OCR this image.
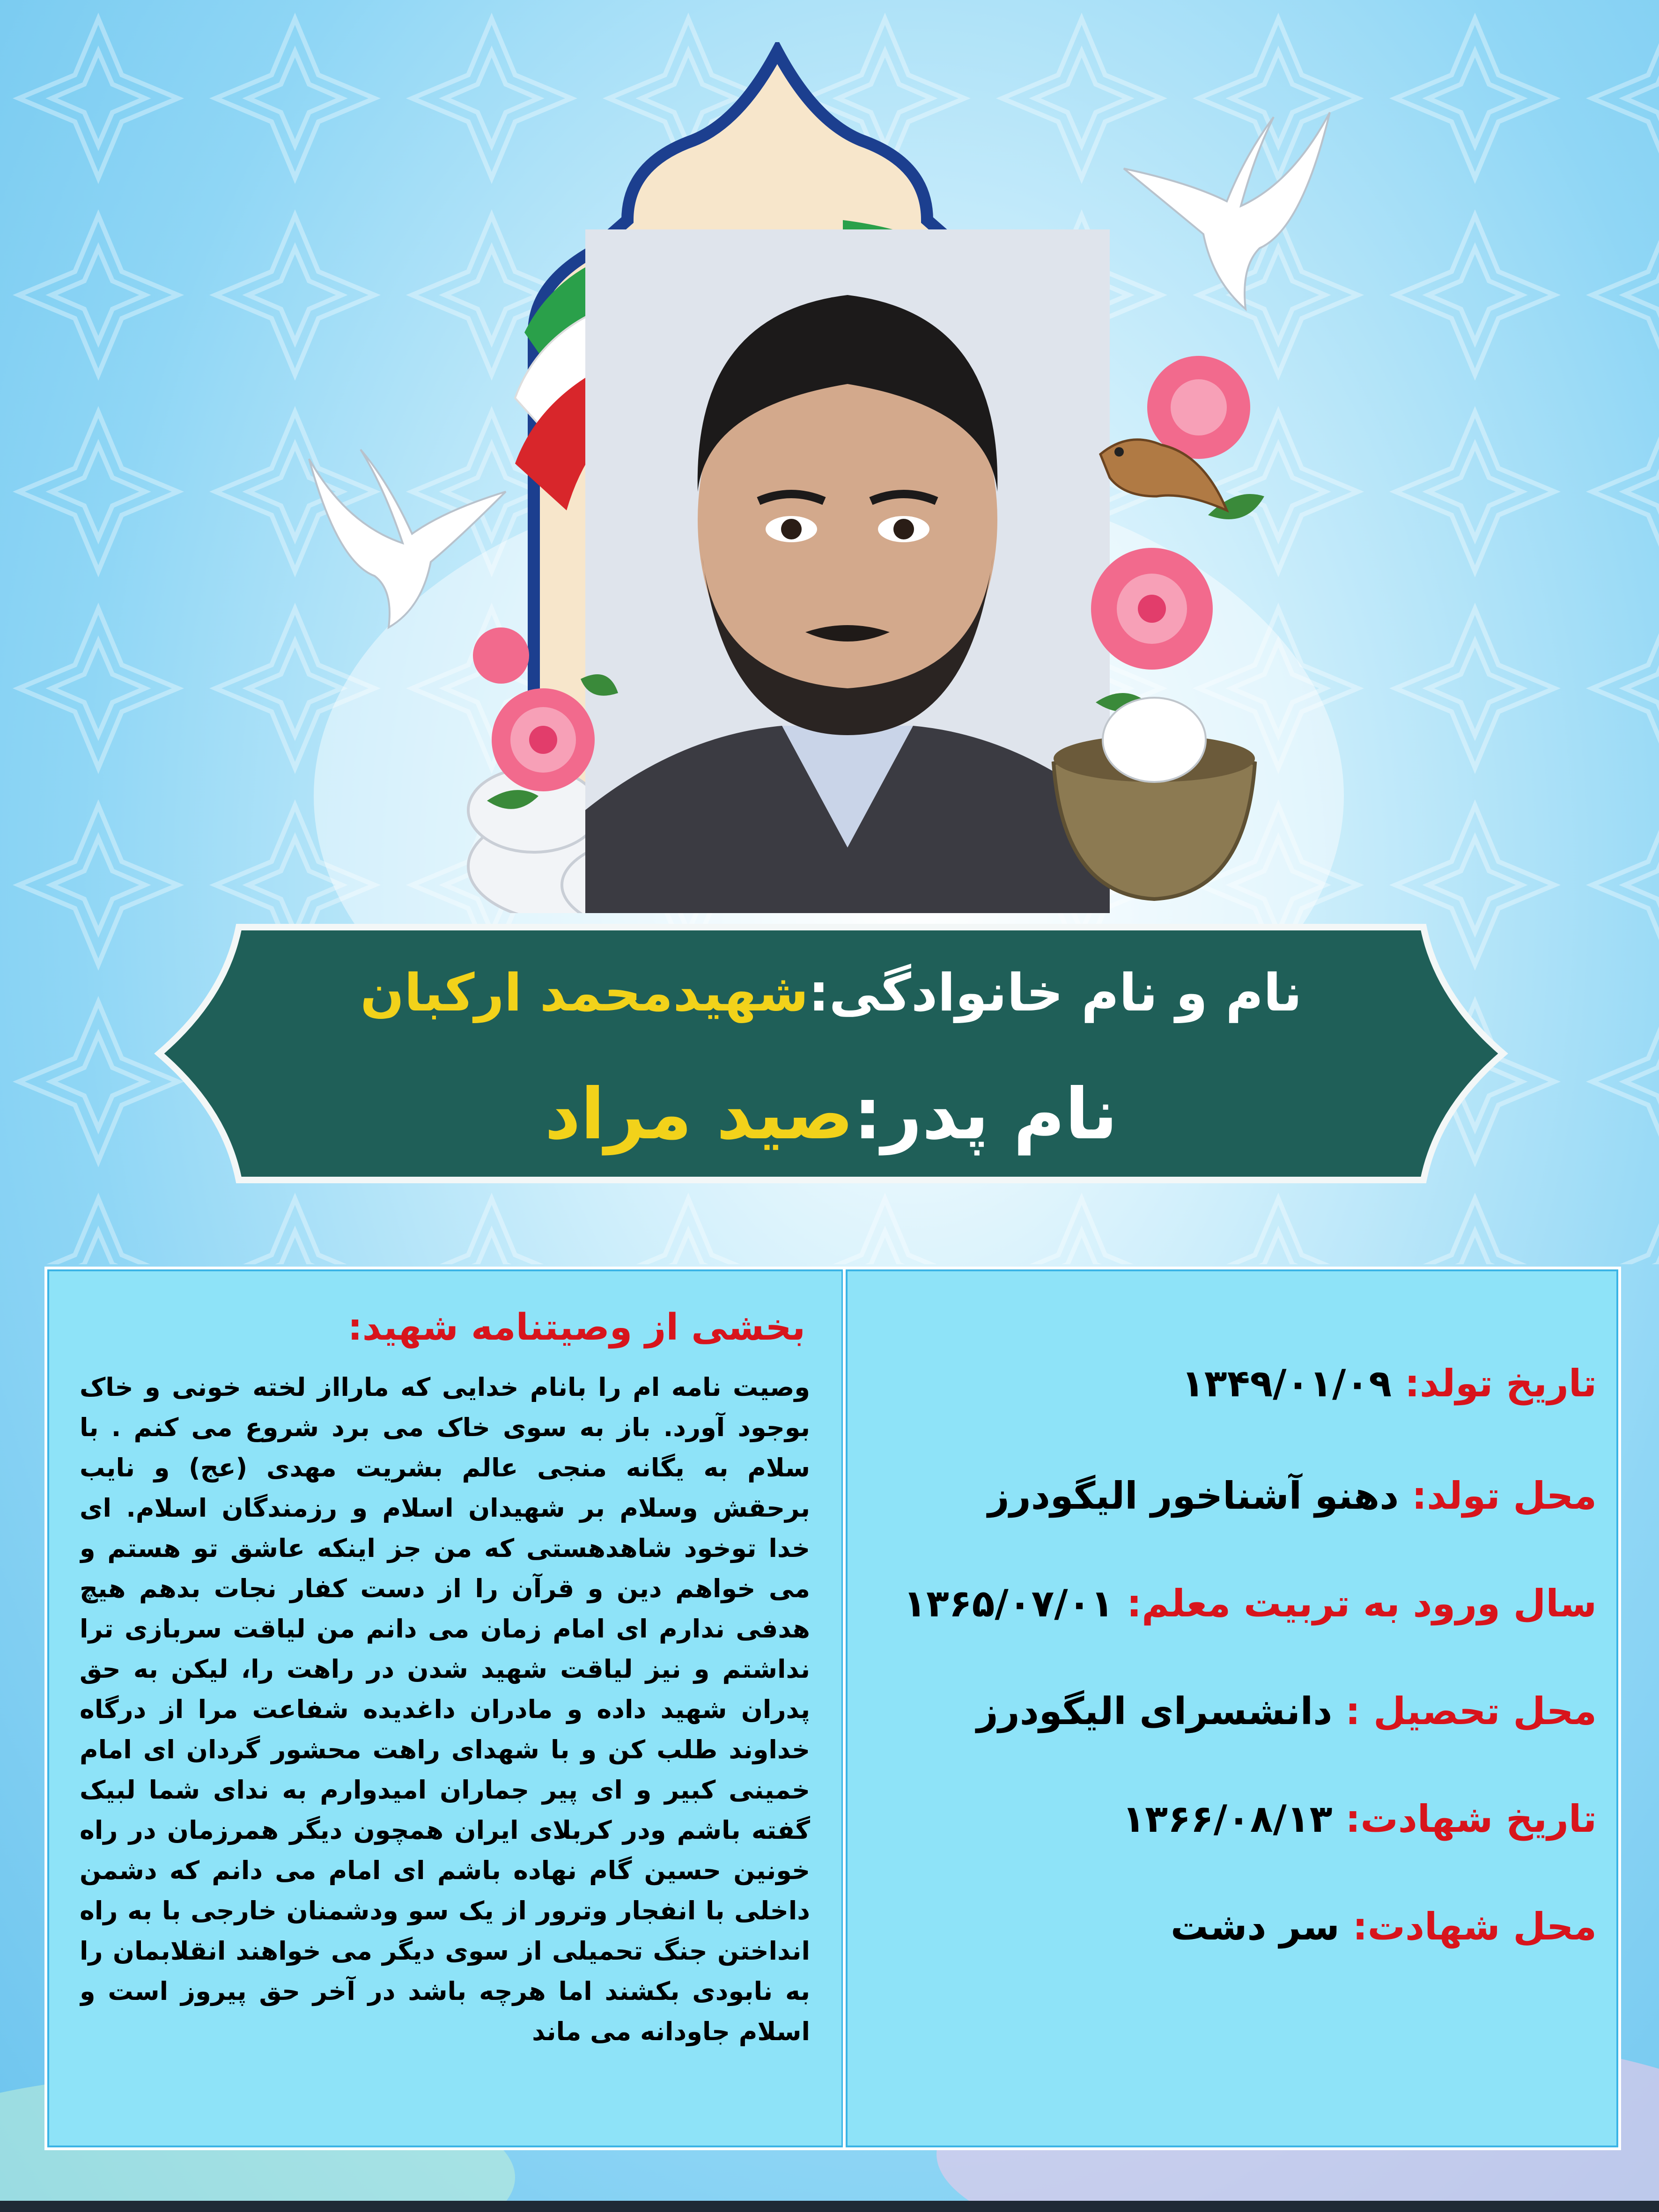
نام و نام خانوادگی:شهیدمحمد ارکبان
نام پدر:صید مراد
بخشی از وصیتنامه شهید:
وصیت نامه ام را بانام خدایی که مارااز لخته خونی و خاک بوجود آورد. باز به سوی خاک می برد شروع می کنم . با سلام به یگانه منجی عالم بشریت مهدی (عج) و نایب برحقش وسلام بر شهیدان اسلام و رزمندگان اسلام. ای خدا توخود شاهدهستی که من جز اینکه عاشق تو هستم و می خواهم دین و قرآن را از دست کفار نجات بدهم هیچ هدفی ندارم ای امام زمان می دانم من لیاقت سربازی ترا نداشتم و نیز لیاقت شهید شدن در راهت را، لیکن به حق پدران شهید داده و مادران داغدیده شفاعت مرا از درگاه خداوند طلب کن و با شهدای راهت محشور گردان ای امام خمینی کبیر و ای پیر جماران امیدوارم به ندای شما لبیک گفته باشم ودر کربلای ایران همچون دیگر همرزمان در راه خونین حسین گام نهاده باشم ای امام می دانم که دشمن داخلی با انفجار وترور از یک سو ودشمنان خارجی با به راه انداختن جنگ تحمیلی از سوی دیگر می خواهند انقلابمان را به نابودی بکشند اما هرچه باشد در آخر حق پیروز است و اسلام جاودانه می ماند
تاریخ تولد: ۱۳۴۹/۰۱/۰۹
محل تولد: دهنو آشناخور الیگودرز
سال ورود به تربیت معلم: ۱۳۶۵/۰۷/۰۱
محل تحصیل : دانشسرای الیگودرز
تاریخ شهادت: ۱۳۶۶/۰۸/۱۳
محل شهادت: سر دشت
